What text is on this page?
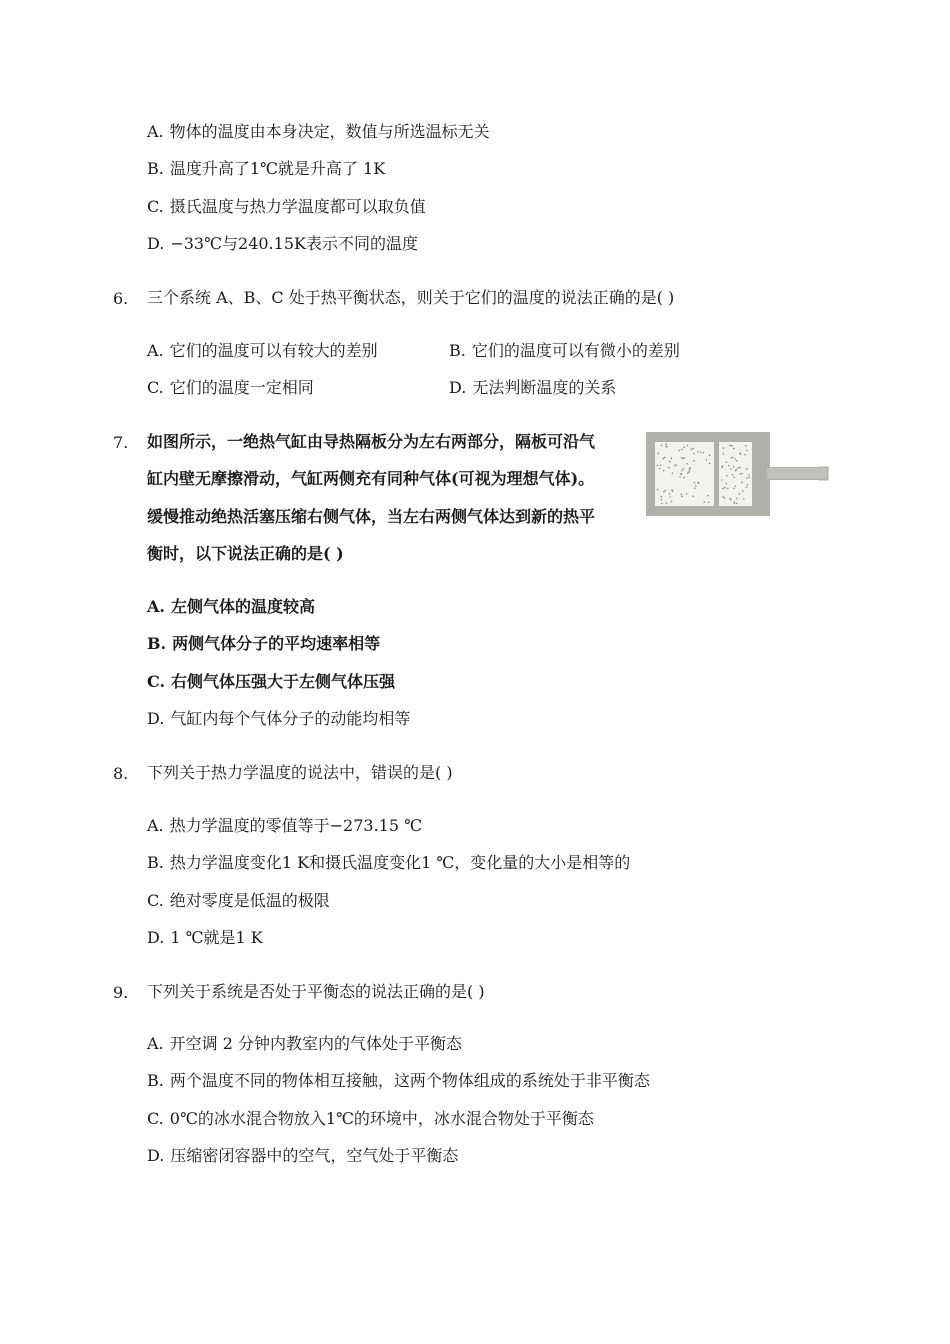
A. 物体的温度由本身决定，数值与所选温标无关
B. 温度升高了1℃就是升高了 1K
C. 摄氏温度与热力学温度都可以取负值
D. −33℃与240.15K表示不同的温度
6. 三个系统 A、B、C 处于热平衡状态，则关于它们的温度的说法正确的是( )
A. 它们的温度可以有较大的差别	B. 它们的温度可以有微小的差别
C. 它们的温度一定相同	D. 无法判断温度的关系
7. 如图所示，一绝热气缸由导热隔板分为左右两部分，隔板可沿气
缸内壁无摩擦滑动，气缸两侧充有同种气体(可视为理想气体)。
缓慢推动绝热活塞压缩右侧气体，当左右两侧气体达到新的热平
衡时，以下说法正确的是( )
A. 左侧气体的温度较高
B. 两侧气体分子的平均速率相等
C. 右侧气体压强大于左侧气体压强
D. 气缸内每个气体分子的动能均相等
8. 下列关于热力学温度的说法中，错误的是( )
A. 热力学温度的零值等于−273.15 ℃
B. 热力学温度变化1 K和摄氏温度变化1 ℃，变化量的大小是相等的
C. 绝对零度是低温的极限
D. 1 ℃就是1 K
9. 下列关于系统是否处于平衡态的说法正确的是( )
A. 开空调 2 分钟内教室内的气体处于平衡态
B. 两个温度不同的物体相互接触，这两个物体组成的系统处于非平衡态
C. 0℃的冰水混合物放入1℃的环境中，冰水混合物处于平衡态
D. 压缩密闭容器中的空气，空气处于平衡态
